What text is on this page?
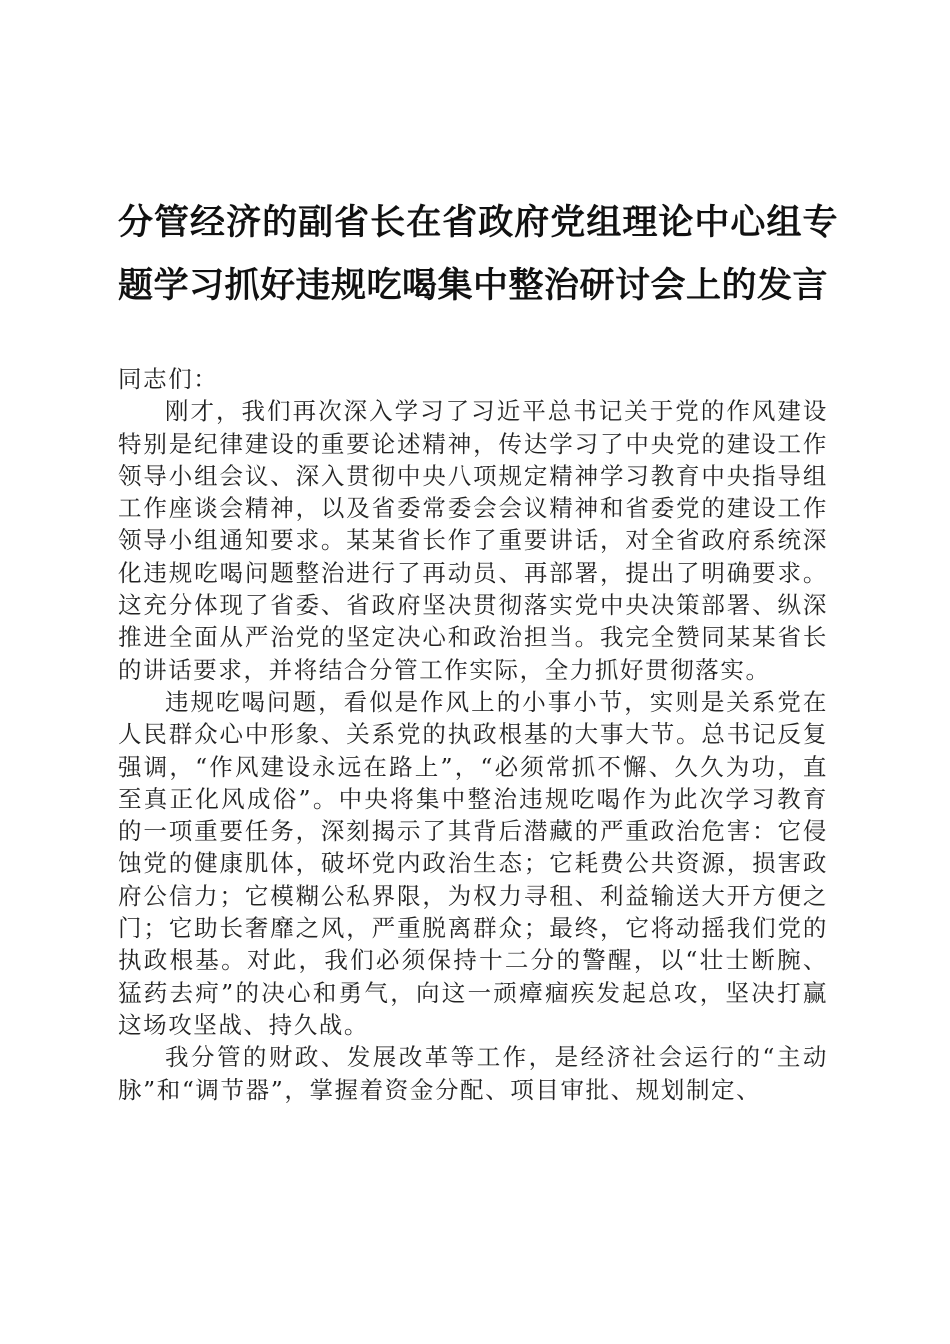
分管经济的副省长在省政府党组理论中心组专题学习抓好违规吃喝集中整治研讨会上的发言

同志们：

刚才，我们再次深入学习了习近平总书记关于党的作风建设特别是纪律建设的重要论述精神，传达学习了中央党的建设工作领导小组会议、深入贯彻中央八项规定精神学习教育中央指导组工作座谈会精神，以及省委常委会会议精神和省委党的建设工作领导小组通知要求。某某省长作了重要讲话，对全省政府系统深化违规吃喝问题整治进行了再动员、再部署，提出了明确要求。这充分体现了省委、省政府坚决贯彻落实党中央决策部署、纵深推进全面从严治党的坚定决心和政治担当。我完全赞同某某省长的讲话要求，并将结合分管工作实际，全力抓好贯彻落实。

违规吃喝问题，看似是作风上的小事小节，实则是关系党在人民群众心中形象、关系党的执政根基的大事大节。总书记反复强调，“作风建设永远在路上”，“必须常抓不懈、久久为功，直至真正化风成俗”。中央将集中整治违规吃喝作为此次学习教育的一项重要任务，深刻揭示了其背后潜藏的严重政治危害：它侵蚀党的健康肌体，破坏党内政治生态；它耗费公共资源，损害政府公信力；它模糊公私界限，为权力寻租、利益输送大开方便之门；它助长奢靡之风，严重脱离群众；最终，它将动摇我们党的执政根基。对此，我们必须保持十二分的警醒，以“壮士断腕、猛药去疴”的决心和勇气，向这一顽瘴痼疾发起总攻，坚决打赢这场攻坚战、持久战。

我分管的财政、发展改革等工作，是经济社会运行的“主动脉”和“调节器”，掌握着资金分配、项目审批、规划制定、
